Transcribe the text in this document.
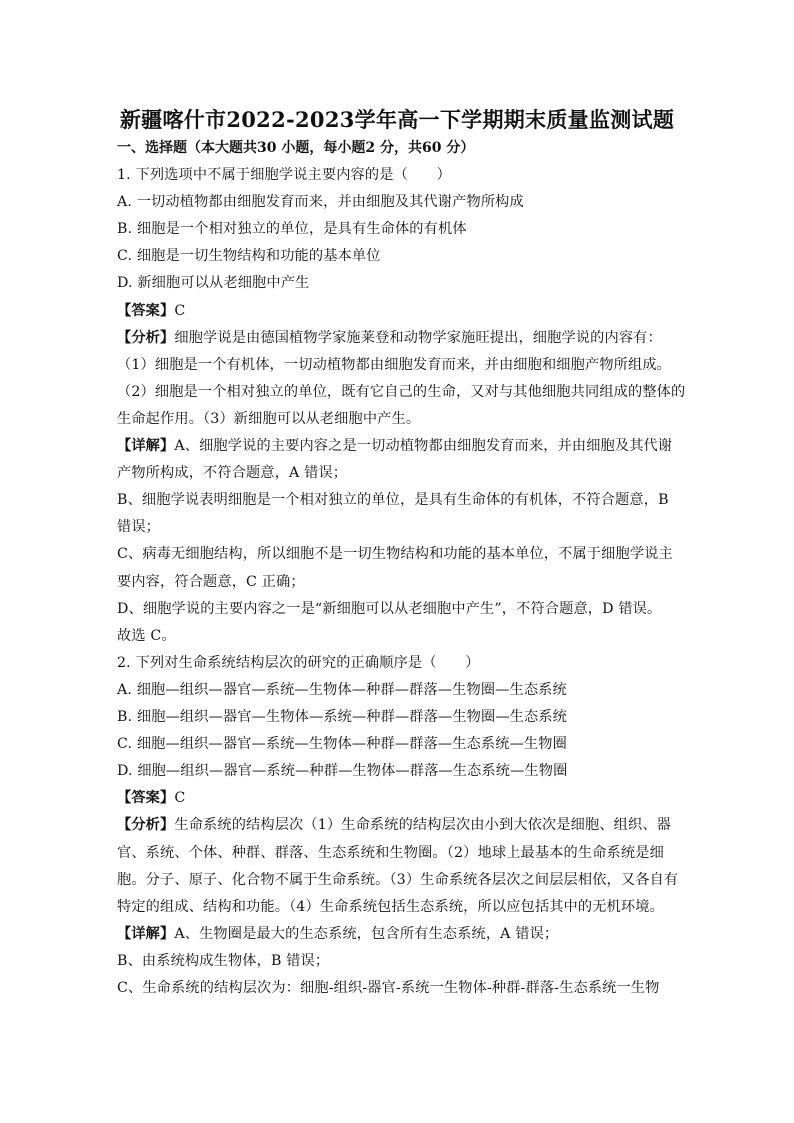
新疆喀什市2022-2023学年高一下学期期末质量监测试题
一、选择题（本大题共30 小题，每小题2 分，共60 分）
1. 下列选项中不属于细胞学说主要内容的是（　　）
A. 一切动植物都由细胞发育而来，并由细胞及其代谢产物所构成
B. 细胞是一个相对独立的单位，是具有生命体的有机体
C. 细胞是一切生物结构和功能的基本单位
D. 新细胞可以从老细胞中产生
【答案】C
【分析】细胞学说是由德国植物学家施莱登和动物学家施旺提出，细胞学说的内容有：
（1）细胞是一个有机体，一切动植物都由细胞发育而来，并由细胞和细胞产物所组成。
（2）细胞是一个相对独立的单位，既有它自己的生命，又对与其他细胞共同组成的整体的
生命起作用。（3）新细胞可以从老细胞中产生。
【详解】A、细胞学说的主要内容之是一切动植物都由细胞发育而来，并由细胞及其代谢
产物所构成，不符合题意，A 错误；
B、细胞学说表明细胞是一个相对独立的单位，是具有生命体的有机体，不符合题意，B
错误；
C、病毒无细胞结构，所以细胞不是一切生物结构和功能的基本单位，不属于细胞学说主
要内容，符合题意，C 正确；
D、细胞学说的主要内容之一是“新细胞可以从老细胞中产生”，不符合题意，D 错误。
故选 C。
2. 下列对生命系统结构层次的研究的正确顺序是（　　）
A. 细胞—组织—器官—系统—生物体—种群—群落—生物圈—生态系统
B. 细胞—组织—器官—生物体—系统—种群—群落—生物圈—生态系统
C. 细胞—组织—器官—系统—生物体—种群—群落—生态系统—生物圈
D. 细胞—组织—器官—系统—种群—生物体—群落—生态系统—生物圈
【答案】C
【分析】生命系统的结构层次（1）生命系统的结构层次由小到大依次是细胞、组织、器
官、系统、个体、种群、群落、生态系统和生物圈。（2）地球上最基本的生命系统是细
胞。分子、原子、化合物不属于生命系统。（3）生命系统各层次之间层层相依，又各自有
特定的组成、结构和功能。（4）生命系统包括生态系统，所以应包括其中的无机环境。
【详解】A、生物圈是最大的生态系统，包含所有生态系统，A 错误；
B、由系统构成生物体，B 错误；
C、生命系统的结构层次为：细胞-组织-器官-系统一生物体-种群-群落-生态系统一生物
